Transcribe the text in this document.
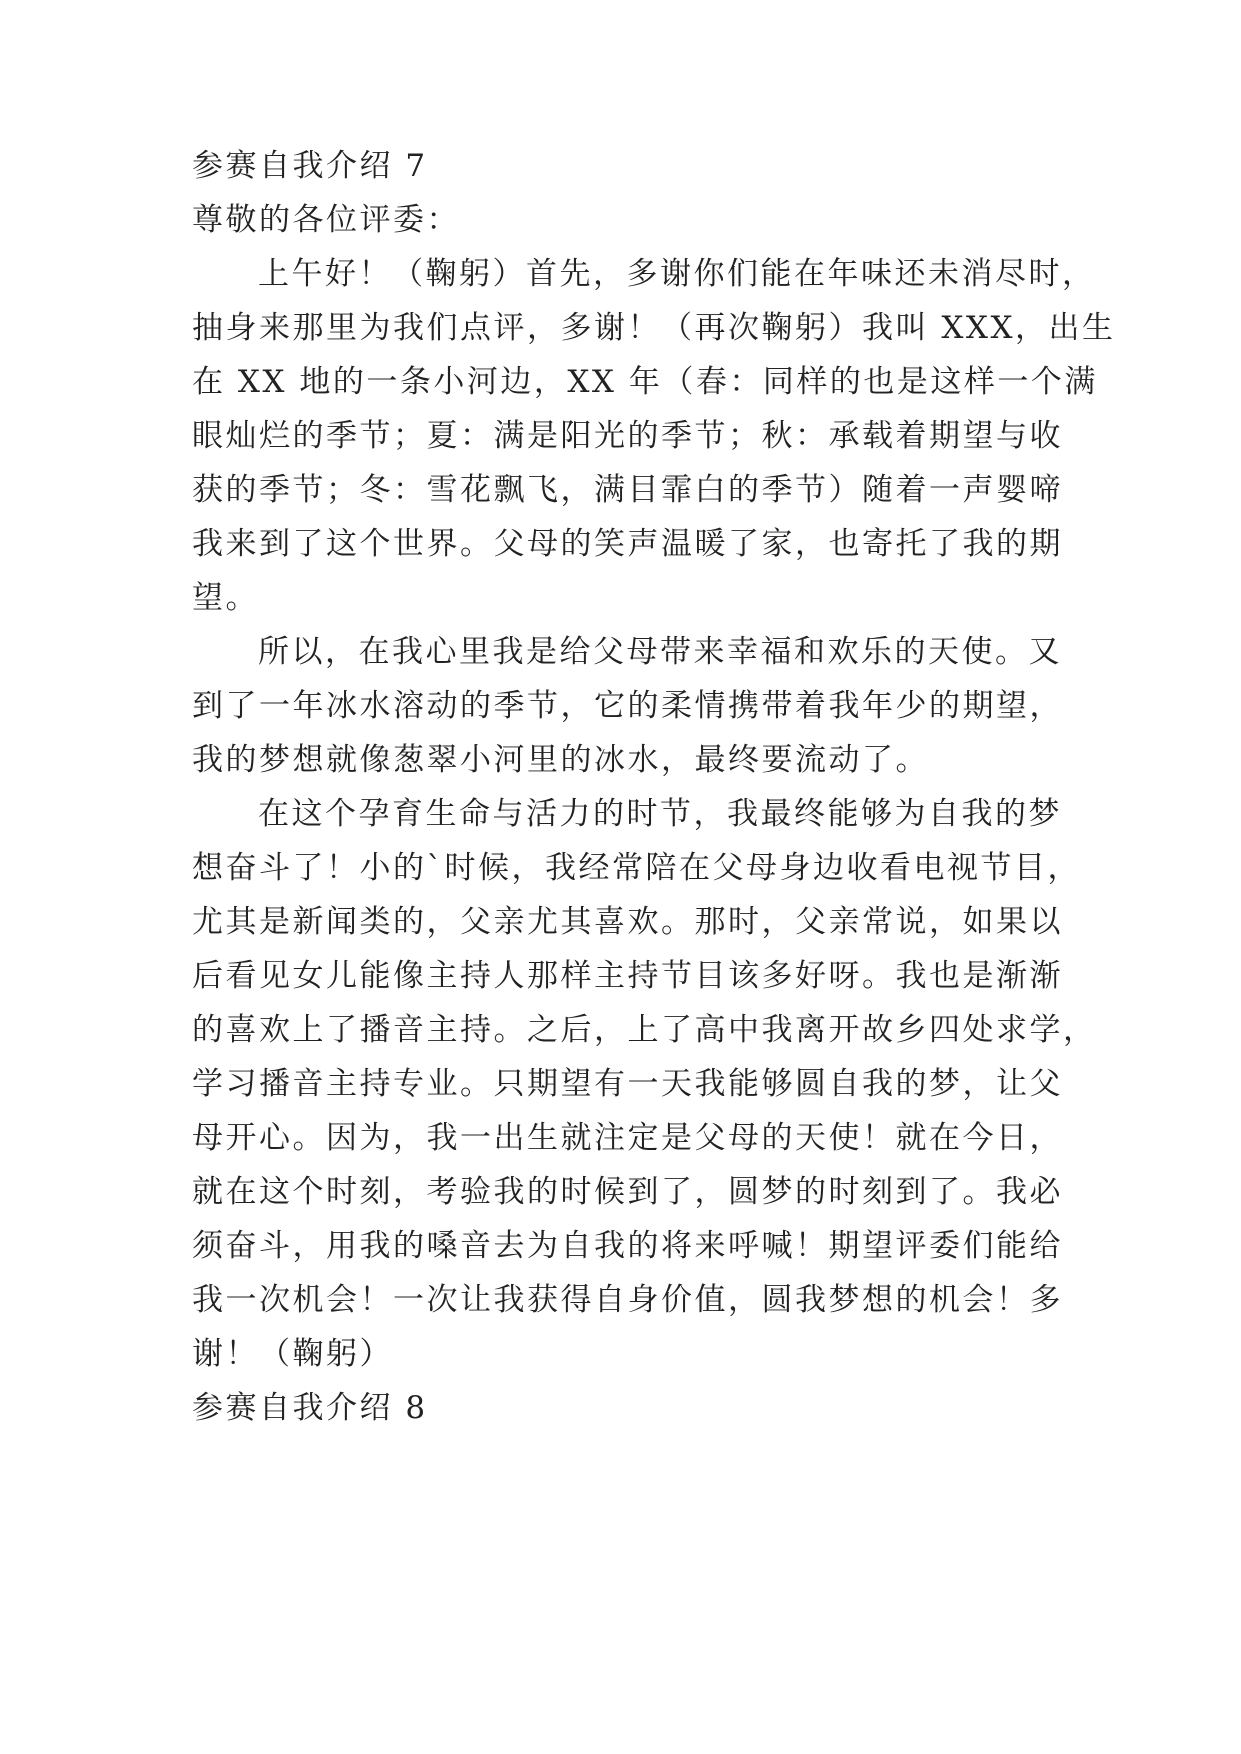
参赛自我介绍 7
尊敬的各位评委：
上午好！（鞠躬）首先，多谢你们能在年味还未消尽时，
抽身来那里为我们点评，多谢！（再次鞠躬）我叫 XXX，出生
在 XX 地的一条小河边，XX 年（春：同样的也是这样一个满
眼灿烂的季节；夏：满是阳光的季节；秋：承载着期望与收
获的季节；冬：雪花飘飞，满目霏白的季节）随着一声婴啼
我来到了这个世界。父母的笑声温暖了家，也寄托了我的期
望。
所以，在我心里我是给父母带来幸福和欢乐的天使。又
到了一年冰水溶动的季节，它的柔情携带着我年少的期望，
我的梦想就像葱翠小河里的冰水，最终要流动了。
在这个孕育生命与活力的时节，我最终能够为自我的梦
想奋斗了！小的`时候，我经常陪在父母身边收看电视节目，
尤其是新闻类的，父亲尤其喜欢。那时，父亲常说，如果以
后看见女儿能像主持人那样主持节目该多好呀。我也是渐渐
的喜欢上了播音主持。之后，上了高中我离开故乡四处求学，
学习播音主持专业。只期望有一天我能够圆自我的梦，让父
母开心。因为，我一出生就注定是父母的天使！就在今日，
就在这个时刻，考验我的时候到了，圆梦的时刻到了。我必
须奋斗，用我的嗓音去为自我的将来呼喊！期望评委们能给
我一次机会！一次让我获得自身价值，圆我梦想的机会！多
谢！（鞠躬）
参赛自我介绍 8
